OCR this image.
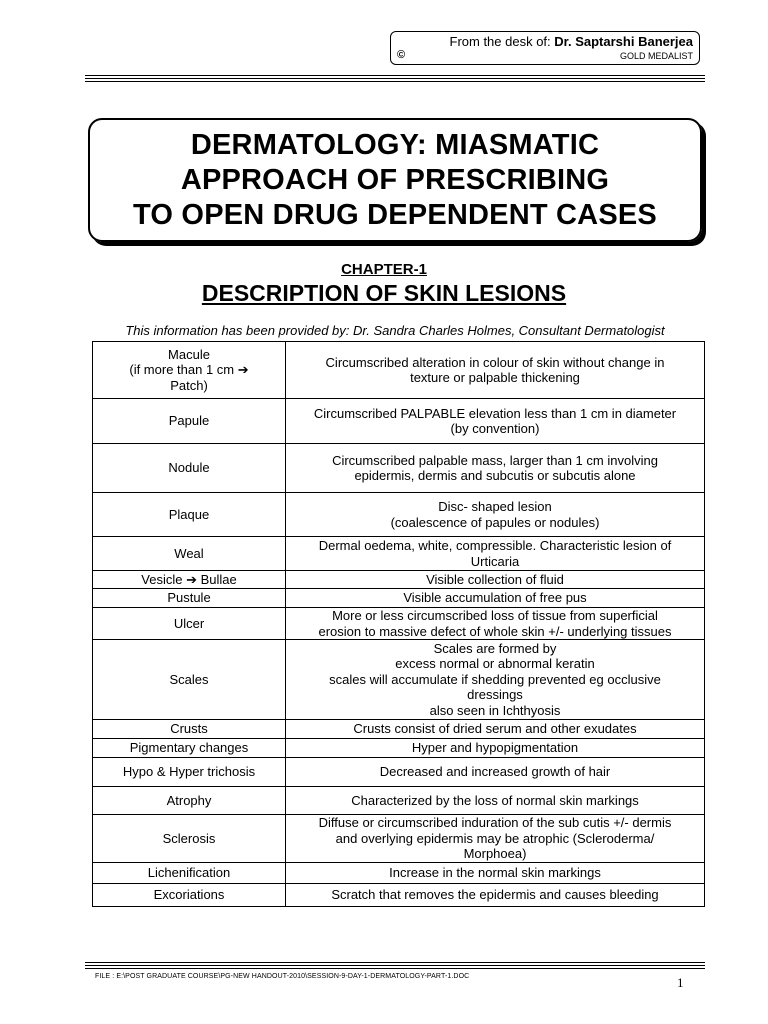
From the desk of: Dr. Saptarshi Banerjea
©	GOLD MEDALIST
DERMATOLOGY: MIASMATIC
APPROACH OF PRESCRIBING
TO OPEN DRUG DEPENDENT CASES
CHAPTER-1
DESCRIPTION OF SKIN LESIONS
This information has been provided by: Dr. Sandra Charles Holmes, Consultant Dermatologist
Macule
(if more than 1 cm ➔
Patch)	Circumscribed alteration in colour of skin without change in
texture or palpable thickening
Papule	Circumscribed PALPABLE elevation less than 1 cm in diameter
(by convention)
Nodule	Circumscribed palpable mass, larger than 1 cm involving
epidermis, dermis and subcutis or subcutis alone
Plaque	Disc- shaped lesion
(coalescence of papules or nodules)
Weal	Dermal oedema, white, compressible. Characteristic lesion of
Urticaria
Vesicle ➔ Bullae	Visible collection of fluid
Pustule	Visible accumulation of free pus
Ulcer	More or less circumscribed loss of tissue from superficial
erosion to massive defect of whole skin +/- underlying tissues
Scales	Scales are formed by
excess normal or abnormal keratin
scales will accumulate if shedding prevented eg occlusive
dressings
also seen in Ichthyosis
Crusts	Crusts consist of dried serum and other exudates
Pigmentary changes	Hyper and hypopigmentation
Hypo & Hyper trichosis	Decreased and increased growth of hair
Atrophy	Characterized by the loss of normal skin markings
Sclerosis	Diffuse or circumscribed induration of the sub cutis +/- dermis
and overlying epidermis may be atrophic (Scleroderma/
Morphoea)
Lichenification	Increase in the normal skin markings
Excoriations	Scratch that removes the epidermis and causes bleeding
FILE : E:\POST GRADUATE COURSE\PG-NEW HANDOUT-2010\SESSION-9-DAY-1-DERMATOLOGY-PART-1.DOC	1
